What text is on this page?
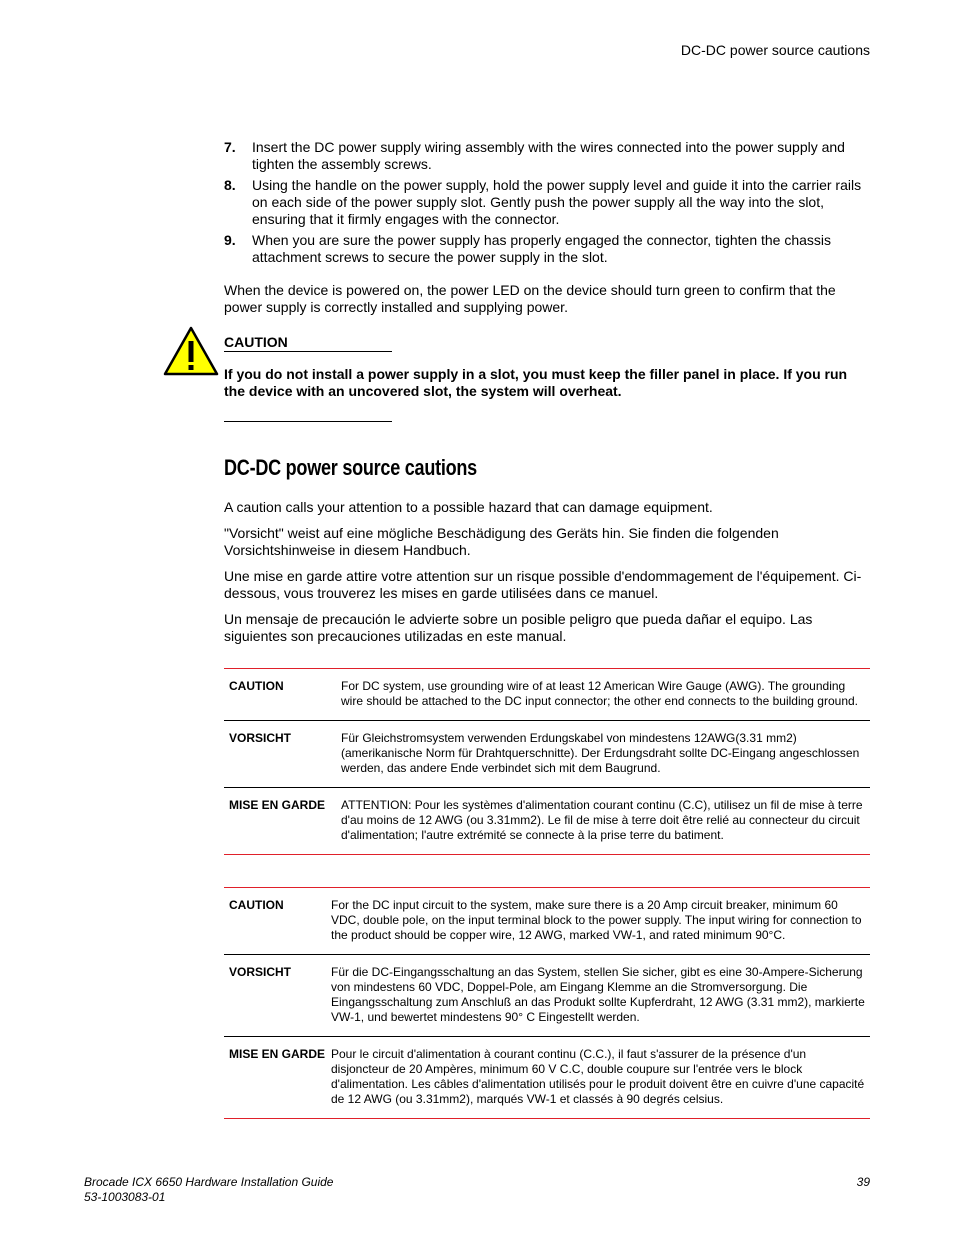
DC-DC power source cautions
7. Insert the DC power supply wiring assembly with the wires connected into the power supply and tighten the assembly screws.
8. Using the handle on the power supply, hold the power supply level and guide it into the carrier rails on each side of the power supply slot. Gently push the power supply all the way into the slot, ensuring that it firmly engages with the connector.
9. When you are sure the power supply has properly engaged the connector, tighten the chassis attachment screws to secure the power supply in the slot.

When the device is powered on, the power LED on the device should turn green to confirm that the power supply is correctly installed and supplying power.

CAUTION
If you do not install a power supply in a slot, you must keep the filler panel in place. If you run the device with an uncovered slot, the system will overheat.
DC-DC power source cautions

A caution calls your attention to a possible hazard that can damage equipment.

"Vorsicht" weist auf eine mögliche Beschädigung des Geräts hin. Sie finden die folgenden Vorsichtshinweise in diesem Handbuch.

Une mise en garde attire votre attention sur un risque possible d'endommagement de l'équipement. Ci-dessous, vous trouverez les mises en garde utilisées dans ce manuel.

Un mensaje de precaución le advierte sobre un posible peligro que pueda dañar el equipo. Las siguientes son precauciones utilizadas en este manual.

CAUTION	For DC system, use grounding wire of at least 12 American Wire Gauge (AWG). The grounding wire should be attached to the DC input connector; the other end connects to the building ground.
VORSICHT	Für Gleichstromsystem verwenden Erdungskabel von mindestens 12AWG(3.31 mm2) (amerikanische Norm für Drahtquerschnitte). Der Erdungsdraht sollte DC-Eingang angeschlossen werden, das andere Ende verbindet sich mit dem Baugrund.
MISE EN GARDE	ATTENTION: Pour les systèmes d'alimentation courant continu (C.C), utilisez un fil de mise à terre d'au moins de 12 AWG (ou 3.31mm2). Le fil de mise à terre doit être relié au connecteur du circuit d'alimentation; l'autre extrémité se connecte à la prise terre du batiment.
CAUTION	For the DC input circuit to the system, make sure there is a 20 Amp circuit breaker, minimum 60 VDC, double pole, on the input terminal block to the power supply. The input wiring for connection to the product should be copper wire, 12 AWG, marked VW-1, and rated minimum 90°C.
VORSICHT	Für die DC-Eingangsschaltung an das System, stellen Sie sicher, gibt es eine 30-Ampere-Sicherung von mindestens 60 VDC, Doppel-Pole, am Eingang Klemme an die Stromversorgung. Die Eingangsschaltung zum Anschluß an das Produkt sollte Kupferdraht, 12 AWG (3.31 mm2), markierte VW-1, und bewertet mindestens 90° C Eingestellt werden.
MISE EN GARDE Pour le circuit d'alimentation à courant continu (C.C.), il faut s'assurer de la présence d'un disjoncteur de 20 Ampères, minimum 60 V C.C, double coupure sur l'entrée vers le block d'alimentation. Les câbles d'alimentation utilisés pour le produit doivent être en cuivre d'une capacité de 12 AWG (ou 3.31mm2), marqués VW-1 et classés à 90 degrés celsius.
Brocade ICX 6650 Hardware Installation Guide
53-1003083-01
39
